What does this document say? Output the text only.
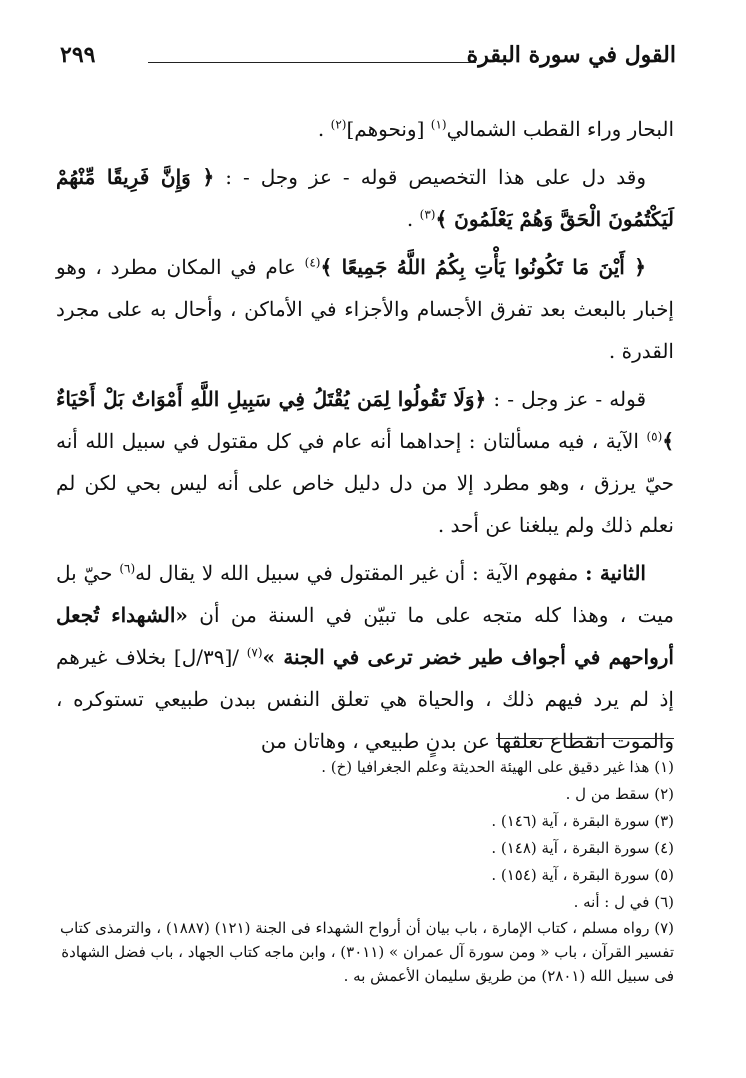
القول في سورة البقرة
٢٩٩

البحار وراء القطب الشمالي$^{(١)}$ [ونحوهم]$^{(٢)}$ .

وقد دل على هذا التخصيص قوله - عز وجل - : ﴿ وَإِنَّ فَرِيقًا مِّنْهُمْ لَيَكْتُمُونَ الْحَقَّ وَهُمْ يَعْلَمُونَ ﴾$^{(٣)}$ .

﴿ أَيْنَ مَا تَكُونُوا يَأْتِ بِكُمُ اللَّهُ جَمِيعًا ﴾$^{(٤)}$ عام في المكان مطرد ، وهو إخبار بالبعث بعد تفرق الأجسام والأجزاء في الأماكن ، وأحال به على مجرد القدرة .

قوله - عز وجل - : ﴿وَلَا تَقُولُوا لِمَن يُقْتَلُ فِي سَبِيلِ اللَّهِ أَمْوَاتٌ بَلْ أَحْيَاءٌ ﴾$^{(٥)}$ الآية ، فيه مسألتان : إحداهما أنه عام في كل مقتول في سبيل الله أنه حيّ يرزق ، وهو مطرد إلا من دل دليل خاص على أنه ليس بحي لكن لم نعلم ذلك ولم يبلغنا عن أحد .

الثانية : مفهوم الآية : أن غير المقتول في سبيل الله لا يقال له$^{(٦)}$ حيّ بل ميت ، وهذا كله متجه على ما تبيّن في السنة من أن «الشهداء تُجعل أرواحهم في أجواف طير خضر ترعى في الجنة »$^{(٧)}$ /[٣٩/ل] بخلاف غيرهم إذ لم يرد فيهم ذلك ، والحياة هي تعلق النفس ببدن طبيعي تستوكره ، والموت انقطاع تعلقها عن بدنٍ طبيعي ، وهاتان من

(١) هذا غير دقيق على الهيئة الحديثة وعلم الجغرافيا (خ) .
(٢) سقط من ل .
(٣) سورة البقرة ، آية (١٤٦) .
(٤) سورة البقرة ، آية (١٤٨) .
(٥) سورة البقرة ، آية (١٥٤) .
(٦) في ل : أنه .
(٧) رواه مسلم ، كتاب الإمارة ، باب بيان أن أرواح الشهداء فى الجنة (١٢١) (١٨٨٧) ، والترمذى كتاب تفسير القرآن ، باب « ومن سورة آل عمران » (٣٠١١) ، وابن ماجه كتاب الجهاد ، باب فضل الشهادة فى سبيل الله (٢٨٠١) من طريق سليمان الأعمش به .
